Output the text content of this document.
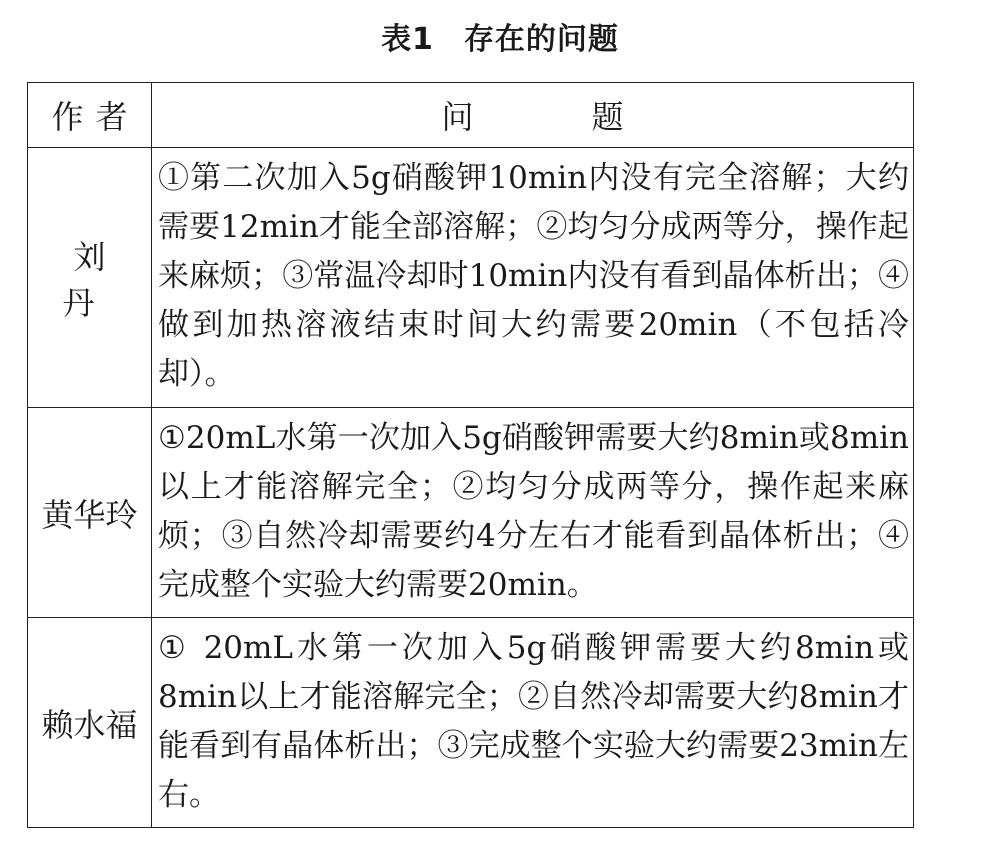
表1 存在的问题
作者	问题
刘丹	①第二次加入5g硝酸钾10min内没有完全溶解；大约需要12min才能全部溶解；②均匀分成两等分，操作起来麻烦；③常温冷却时10min内没有看到晶体析出；④做到加热溶液结束时间大约需要20min（不包括冷却）。
黄华玲	①20mL水第一次加入5g硝酸钾需要大约8min或8min以上才能溶解完全；②均匀分成两等分，操作起来麻烦；③自然冷却需要约4分左右才能看到晶体析出；④完成整个实验大约需要20min。
赖水福	① 20mL水第一次加入5g硝酸钾需要大约8min或8min以上才能溶解完全；②自然冷却需要大约8min才能看到有晶体析出；③完成整个实验大约需要23min左右。
